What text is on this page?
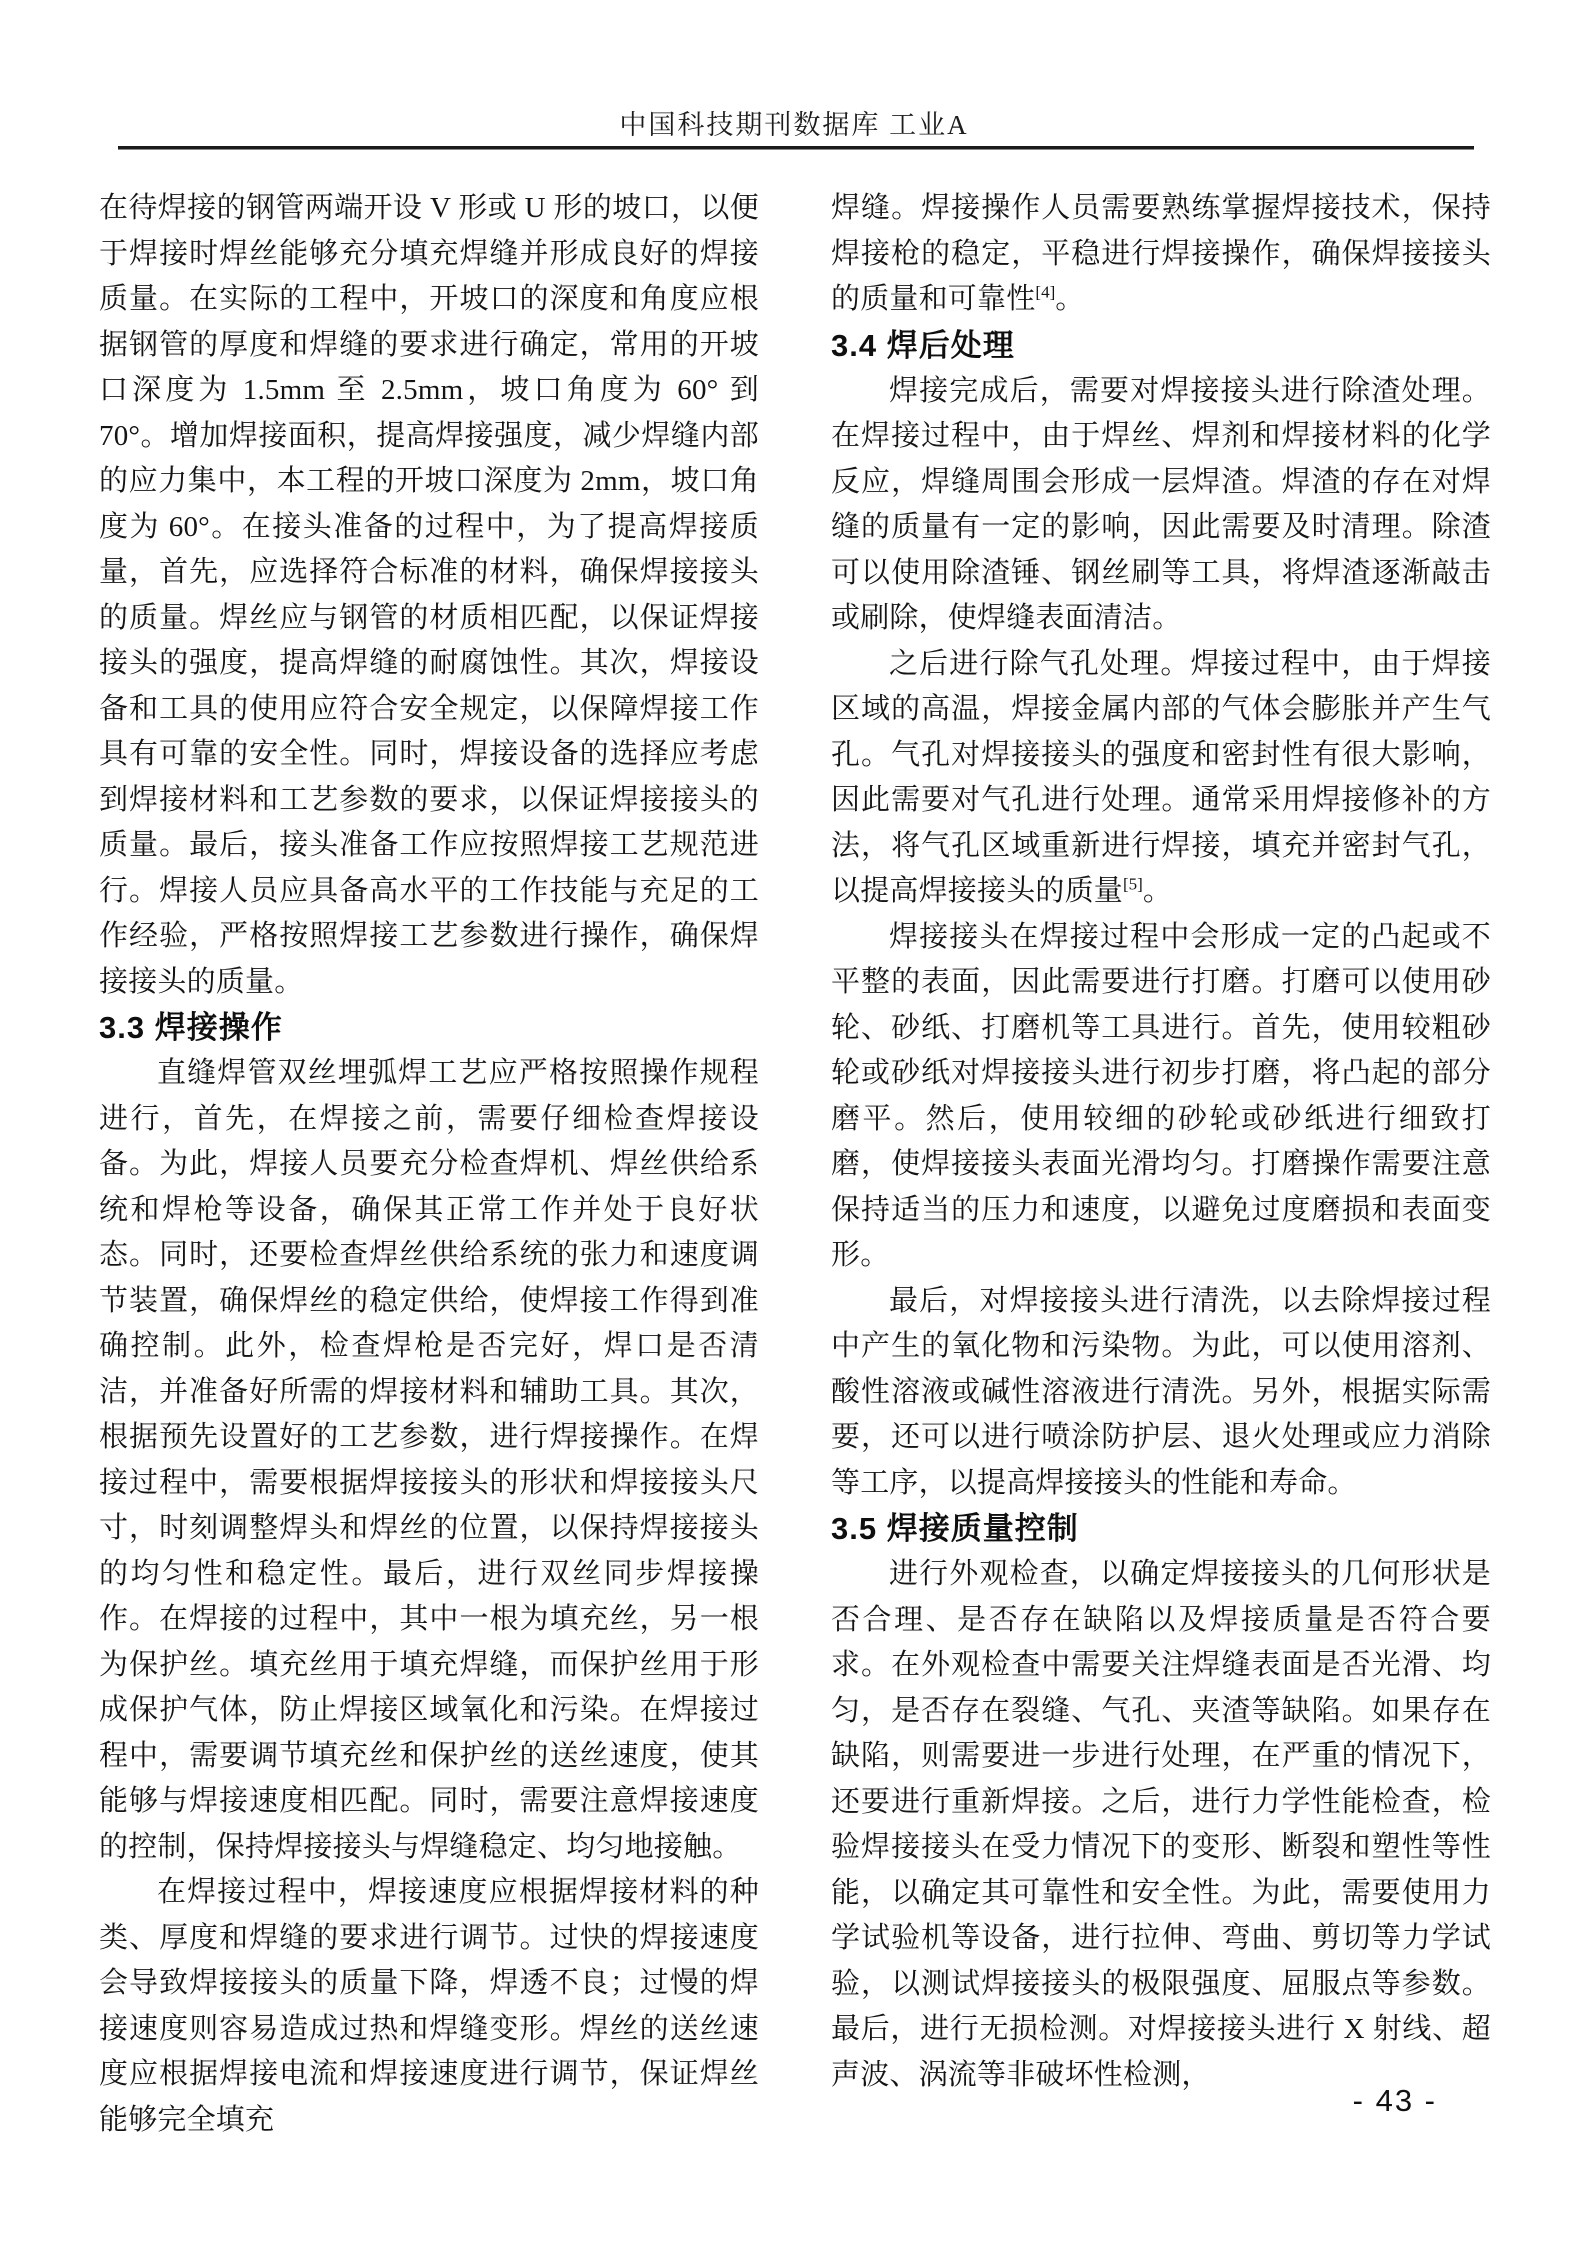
中国科技期刊数据库 工业A

在待焊接的钢管两端开设 V 形或 U 形的坡口，以便于焊接时焊丝能够充分填充焊缝并形成良好的焊接质量。在实际的工程中，开坡口的深度和角度应根据钢管的厚度和焊缝的要求进行确定，常用的开坡口深度为 1.5mm 至 2.5mm，坡口角度为 60° 到 70°。增加焊接面积，提高焊接强度，减少焊缝内部的应力集中，本工程的开坡口深度为 2mm，坡口角度为 60°。在接头准备的过程中，为了提高焊接质量，首先，应选择符合标准的材料，确保焊接接头的质量。焊丝应与钢管的材质相匹配，以保证焊接接头的强度，提高焊缝的耐腐蚀性。其次，焊接设备和工具的使用应符合安全规定，以保障焊接工作具有可靠的安全性。同时，焊接设备的选择应考虑到焊接材料和工艺参数的要求，以保证焊接接头的质量。最后，接头准备工作应按照焊接工艺规范进行。焊接人员应具备高水平的工作技能与充足的工作经验，严格按照焊接工艺参数进行操作，确保焊接接头的质量。

3.3 焊接操作

直缝焊管双丝埋弧焊工艺应严格按照操作规程进行，首先，在焊接之前，需要仔细检查焊接设备。为此，焊接人员要充分检查焊机、焊丝供给系统和焊枪等设备，确保其正常工作并处于良好状态。同时，还要检查焊丝供给系统的张力和速度调节装置，确保焊丝的稳定供给，使焊接工作得到准确控制。此外，检查焊枪是否完好，焊口是否清洁，并准备好所需的焊接材料和辅助工具。其次，根据预先设置好的工艺参数，进行焊接操作。在焊接过程中，需要根据焊接接头的形状和焊接接头尺寸，时刻调整焊头和焊丝的位置，以保持焊接接头的均匀性和稳定性。最后，进行双丝同步焊接操作。在焊接的过程中，其中一根为填充丝，另一根为保护丝。填充丝用于填充焊缝，而保护丝用于形成保护气体，防止焊接区域氧化和污染。在焊接过程中，需要调节填充丝和保护丝的送丝速度，使其能够与焊接速度相匹配。同时，需要注意焊接速度的控制，保持焊接接头与焊缝稳定、均匀地接触。

在焊接过程中，焊接速度应根据焊接材料的种类、厚度和焊缝的要求进行调节。过快的焊接速度会导致焊接接头的质量下降，焊透不良；过慢的焊接速度则容易造成过热和焊缝变形。焊丝的送丝速度应根据焊接电流和焊接速度进行调节，保证焊丝能够完全填充

焊缝。焊接操作人员需要熟练掌握焊接技术，保持焊接枪的稳定，平稳进行焊接操作，确保焊接接头的质量和可靠性[4]。

3.4 焊后处理

焊接完成后，需要对焊接接头进行除渣处理。在焊接过程中，由于焊丝、焊剂和焊接材料的化学反应，焊缝周围会形成一层焊渣。焊渣的存在对焊缝的质量有一定的影响，因此需要及时清理。除渣可以使用除渣锤、钢丝刷等工具，将焊渣逐渐敲击或刷除，使焊缝表面清洁。

之后进行除气孔处理。焊接过程中，由于焊接区域的高温，焊接金属内部的气体会膨胀并产生气孔。气孔对焊接接头的强度和密封性有很大影响，因此需要对气孔进行处理。通常采用焊接修补的方法，将气孔区域重新进行焊接，填充并密封气孔，以提高焊接接头的质量[5]。

焊接接头在焊接过程中会形成一定的凸起或不平整的表面，因此需要进行打磨。打磨可以使用砂轮、砂纸、打磨机等工具进行。首先，使用较粗砂轮或砂纸对焊接接头进行初步打磨，将凸起的部分磨平。然后，使用较细的砂轮或砂纸进行细致打磨，使焊接接头表面光滑均匀。打磨操作需要注意保持适当的压力和速度，以避免过度磨损和表面变形。

最后，对焊接接头进行清洗，以去除焊接过程中产生的氧化物和污染物。为此，可以使用溶剂、酸性溶液或碱性溶液进行清洗。另外，根据实际需要，还可以进行喷涂防护层、退火处理或应力消除等工序，以提高焊接接头的性能和寿命。

3.5 焊接质量控制

进行外观检查，以确定焊接接头的几何形状是否合理、是否存在缺陷以及焊接质量是否符合要求。在外观检查中需要关注焊缝表面是否光滑、均匀，是否存在裂缝、气孔、夹渣等缺陷。如果存在缺陷，则需要进一步进行处理，在严重的情况下，还要进行重新焊接。之后，进行力学性能检查，检验焊接接头在受力情况下的变形、断裂和塑性等性能，以确定其可靠性和安全性。为此，需要使用力学试验机等设备，进行拉伸、弯曲、剪切等力学试验，以测试焊接接头的极限强度、屈服点等参数。最后，进行无损检测。对焊接接头进行 X 射线、超声波、涡流等非破坏性检测，

- 43 -
